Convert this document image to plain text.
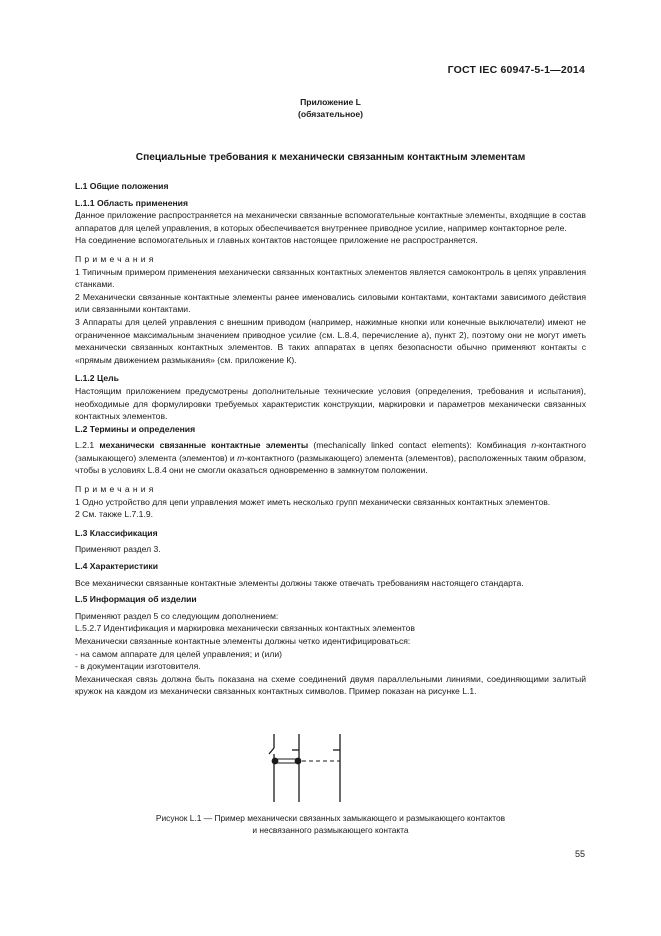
ГОСТ IEC 60947-5-1—2014
Приложение L
(обязательное)
Специальные требования к механически связанным контактным элементам

L.1 Общие положения

L.1.1 Область применения

Данное приложение распространяется на механически связанные вспомогательные контактные элементы, входящие в состав аппаратов для целей управления, в которых обеспечивается внутреннее приводное усилие, например контакторное реле.

На соединение вспомогательных и главных контактов настоящее приложение не распространяется.

Примечания

1 Типичным примером применения механически связанных контактных элементов является самоконтроль в цепях управления станками.

2 Механически связанные контактные элементы ранее именовались силовыми контактами, контактами зависимого действия или связанными контактами.

3 Аппараты для целей управления с внешним приводом (например, нажимные кнопки или конечные выключатели) имеют не ограниченное максимальным значением приводное усилие (см. L.8.4, перечисление а), пункт 2), поэтому они не могут иметь механически связанных контактных элементов. В таких аппаратах в цепях безопасности обычно применяют контакты с «прямым движением размыкания» (см. приложение К).

L.1.2 Цель

Настоящим приложением предусмотрены дополнительные технические условия (определения, требования и испытания), необходимые для формулировки требуемых характеристик конструкции, маркировки и параметров механически связанных контактных элементов.

L.2 Термины и определения

L.2.1 механически связанные контактные элементы (mechanically linked contact elements): Комбинация n-контактного (замыкающего) элемента (элементов) и m-контактного (размыкающего) элемента (элементов), расположенных таким образом, чтобы в условиях L.8.4 они не смогли оказаться одновременно в замкнутом положении.

Примечания

1 Одно устройство для цепи управления может иметь несколько групп механически связанных контактных элементов.

2 См. также L.7.1.9.

L.3 Классификация

Применяют раздел 3.

L.4 Характеристики

Все механически связанные контактные элементы должны также отвечать требованиям настоящего стандарта.

L.5 Информация об изделии

Применяют раздел 5 со следующим дополнением:

L.5.2.7 Идентификация и маркировка механически связанных контактных элементов

Механически связанные контактные элементы должны четко идентифицироваться:

- на самом аппарате для целей управления; и (или)

- в документации изготовителя.

Механическая связь должна быть показана на схеме соединений двумя параллельными линиями, соединяющими залитый кружок на каждом из механически связанных контактных символов. Пример показан на рисунке L.1.

Рисунок L.1 — Пример механически связанных замыкающего и размыкающего контактов
и несвязанного размыкающего контакта
55
